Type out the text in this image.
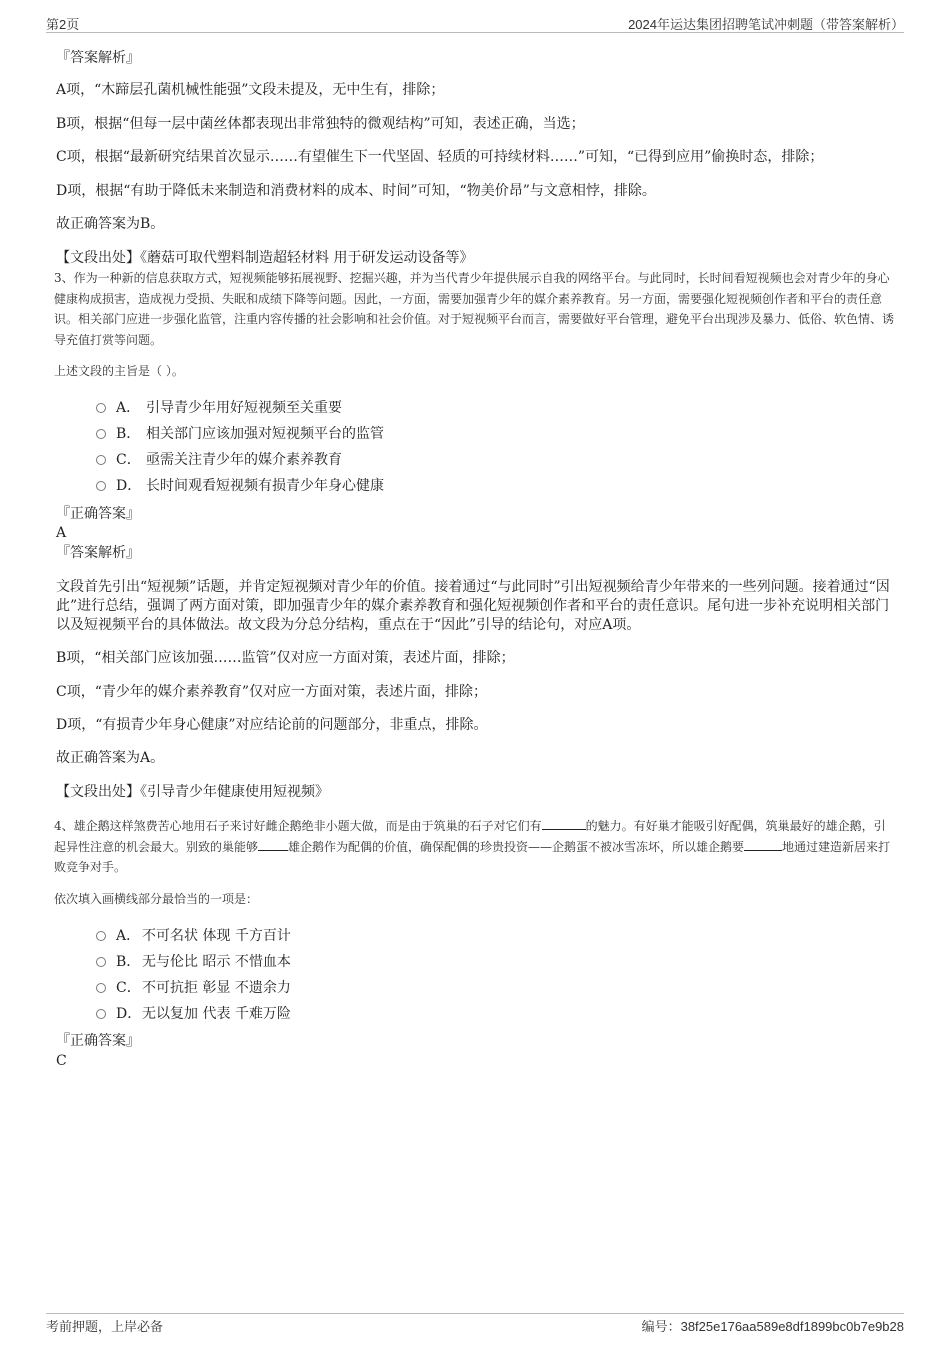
第2页	2024年运达集团招聘笔试冲刺题（带答案解析）
『答案解析』
A项，“木蹄层孔菌机械性能强”文段未提及，无中生有，排除；
B项，根据“但每一层中菌丝体都表现出非常独特的微观结构”可知，表述正确，当选；
C项，根据“最新研究结果首次显示……有望催生下一代坚固、轻质的可持续材料……”可知，“已得到应用”偷换时态，排除；
D项，根据“有助于降低未来制造和消费材料的成本、时间”可知，“物美价昂”与文意相悖，排除。
故正确答案为B。
【文段出处】《蘑菇可取代塑料制造超轻材料 用于研发运动设备等》
3、作为一种新的信息获取方式，短视频能够拓展视野、挖掘兴趣，并为当代青少年提供展示自我的网络平台。与此同时，长时间看短视频也会对青少年的身心健康构成损害，造成视力受损、失眠和成绩下降等问题。因此，一方面，需要加强青少年的媒介素养教育。另一方面，需要强化短视频创作者和平台的责任意识。相关部门应进一步强化监管，注重内容传播的社会影响和社会价值。对于短视频平台而言，需要做好平台管理，避免平台出现涉及暴力、低俗、软色情、诱导充值打赏等问题。
上述文段的主旨是（ ）。
A． 引导青少年用好短视频至关重要
B． 相关部门应该加强对短视频平台的监管
C． 亟需关注青少年的媒介素养教育
D． 长时间观看短视频有损青少年身心健康
『正确答案』
A
『答案解析』
文段首先引出“短视频”话题，并肯定短视频对青少年的价值。接着通过“与此同时”引出短视频给青少年带来的一些列问题。接着通过“因此”进行总结，强调了两方面对策，即加强青少年的媒介素养教育和强化短视频创作者和平台的责任意识。尾句进一步补充说明相关部门以及短视频平台的具体做法。故文段为分总分结构，重点在于“因此”引导的结论句，对应A项。
B项，“相关部门应该加强……监管”仅对应一方面对策，表述片面，排除；
C项，“青少年的媒介素养教育”仅对应一方面对策，表述片面，排除；
D项，“有损青少年身心健康”对应结论前的问题部分，非重点，排除。
故正确答案为A。
【文段出处】《引导青少年健康使用短视频》
4、雄企鹅这样煞费苦心地用石子来讨好雌企鹅绝非小题大做，而是由于筑巢的石子对它们有	的魅力。有好巢才能吸引好配偶，筑巢最好的雄企鹅，引起异性注意的机会最大。别致的巢能够	雄企鹅作为配偶的价值，确保配偶的珍贵投资——企鹅蛋不被冰雪冻坏，所以雄企鹅要	地通过建造新居来打败竞争对手。
依次填入画横线部分最恰当的一项是：
A． 不可名状 体现 千方百计
B． 无与伦比 昭示 不惜血本
C．不可抗拒 彰显 不遗余力
D．无以复加 代表 千难万险
『正确答案』
C
考前押题，上岸必备	编号：38f25e176aa589e8df1899bc0b7e9b28
